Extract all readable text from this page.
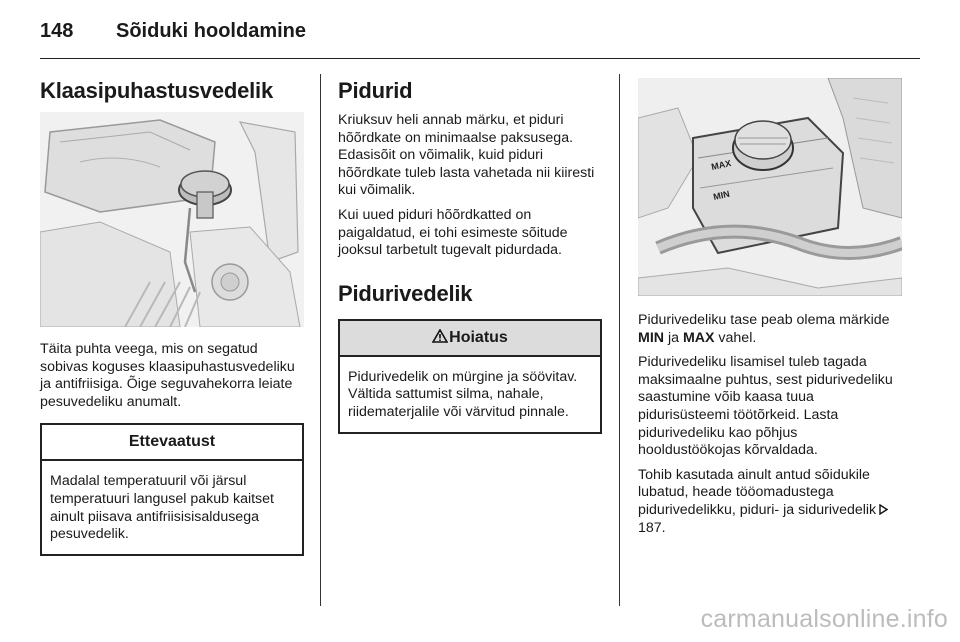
148 Sõiduki hooldamine
Klaasipuhastusvedelik

Täita puhta veega, mis on segatud sobivas koguses klaasipuhastusvedeliku ja antifriisiga. Õige seguvahekorra leiate pesuvedeliku anumalt.

Ettevaatust
Madalal temperatuuril või järsul temperatuuri langusel pakub kaitset ainult piisava antifriisisisaldusega pesuvedelik.
Pidurid

Kriuksuv heli annab märku, et piduri hõõrdkate on minimaalse paksusega. Edasisõit on võimalik, kuid piduri hõõrdkate tuleb lasta vahetada nii kiiresti kui võimalik.

Kui uued piduri hõõrdkatted on paigaldatud, ei tohi esimeste sõitude jooksul tarbetult tugevalt pidurdada.

Pidurivedelik
Hoiatus
Pidurivedelik on mürgine ja söövitav. Vältida sattumist silma, nahale, riidematerjalile või värvitud pinnale.
MAX
MIN

Pidurivedeliku tase peab olema märkide MIN ja MAX vahel.

Pidurivedeliku lisamisel tuleb tagada maksimaalne puhtus, sest pidurivedeliku saastumine võib kaasa tuua pidurisüsteemi töötõrkeid. Lasta pidurivedeliku kao põhjus hooldustöökojas kõrvaldada.

Tohib kasutada ainult antud sõidukile lubatud, heade tööomadustega pidurivedelikku, piduri- ja sidurivedelik187.

carmanualsonline.info
